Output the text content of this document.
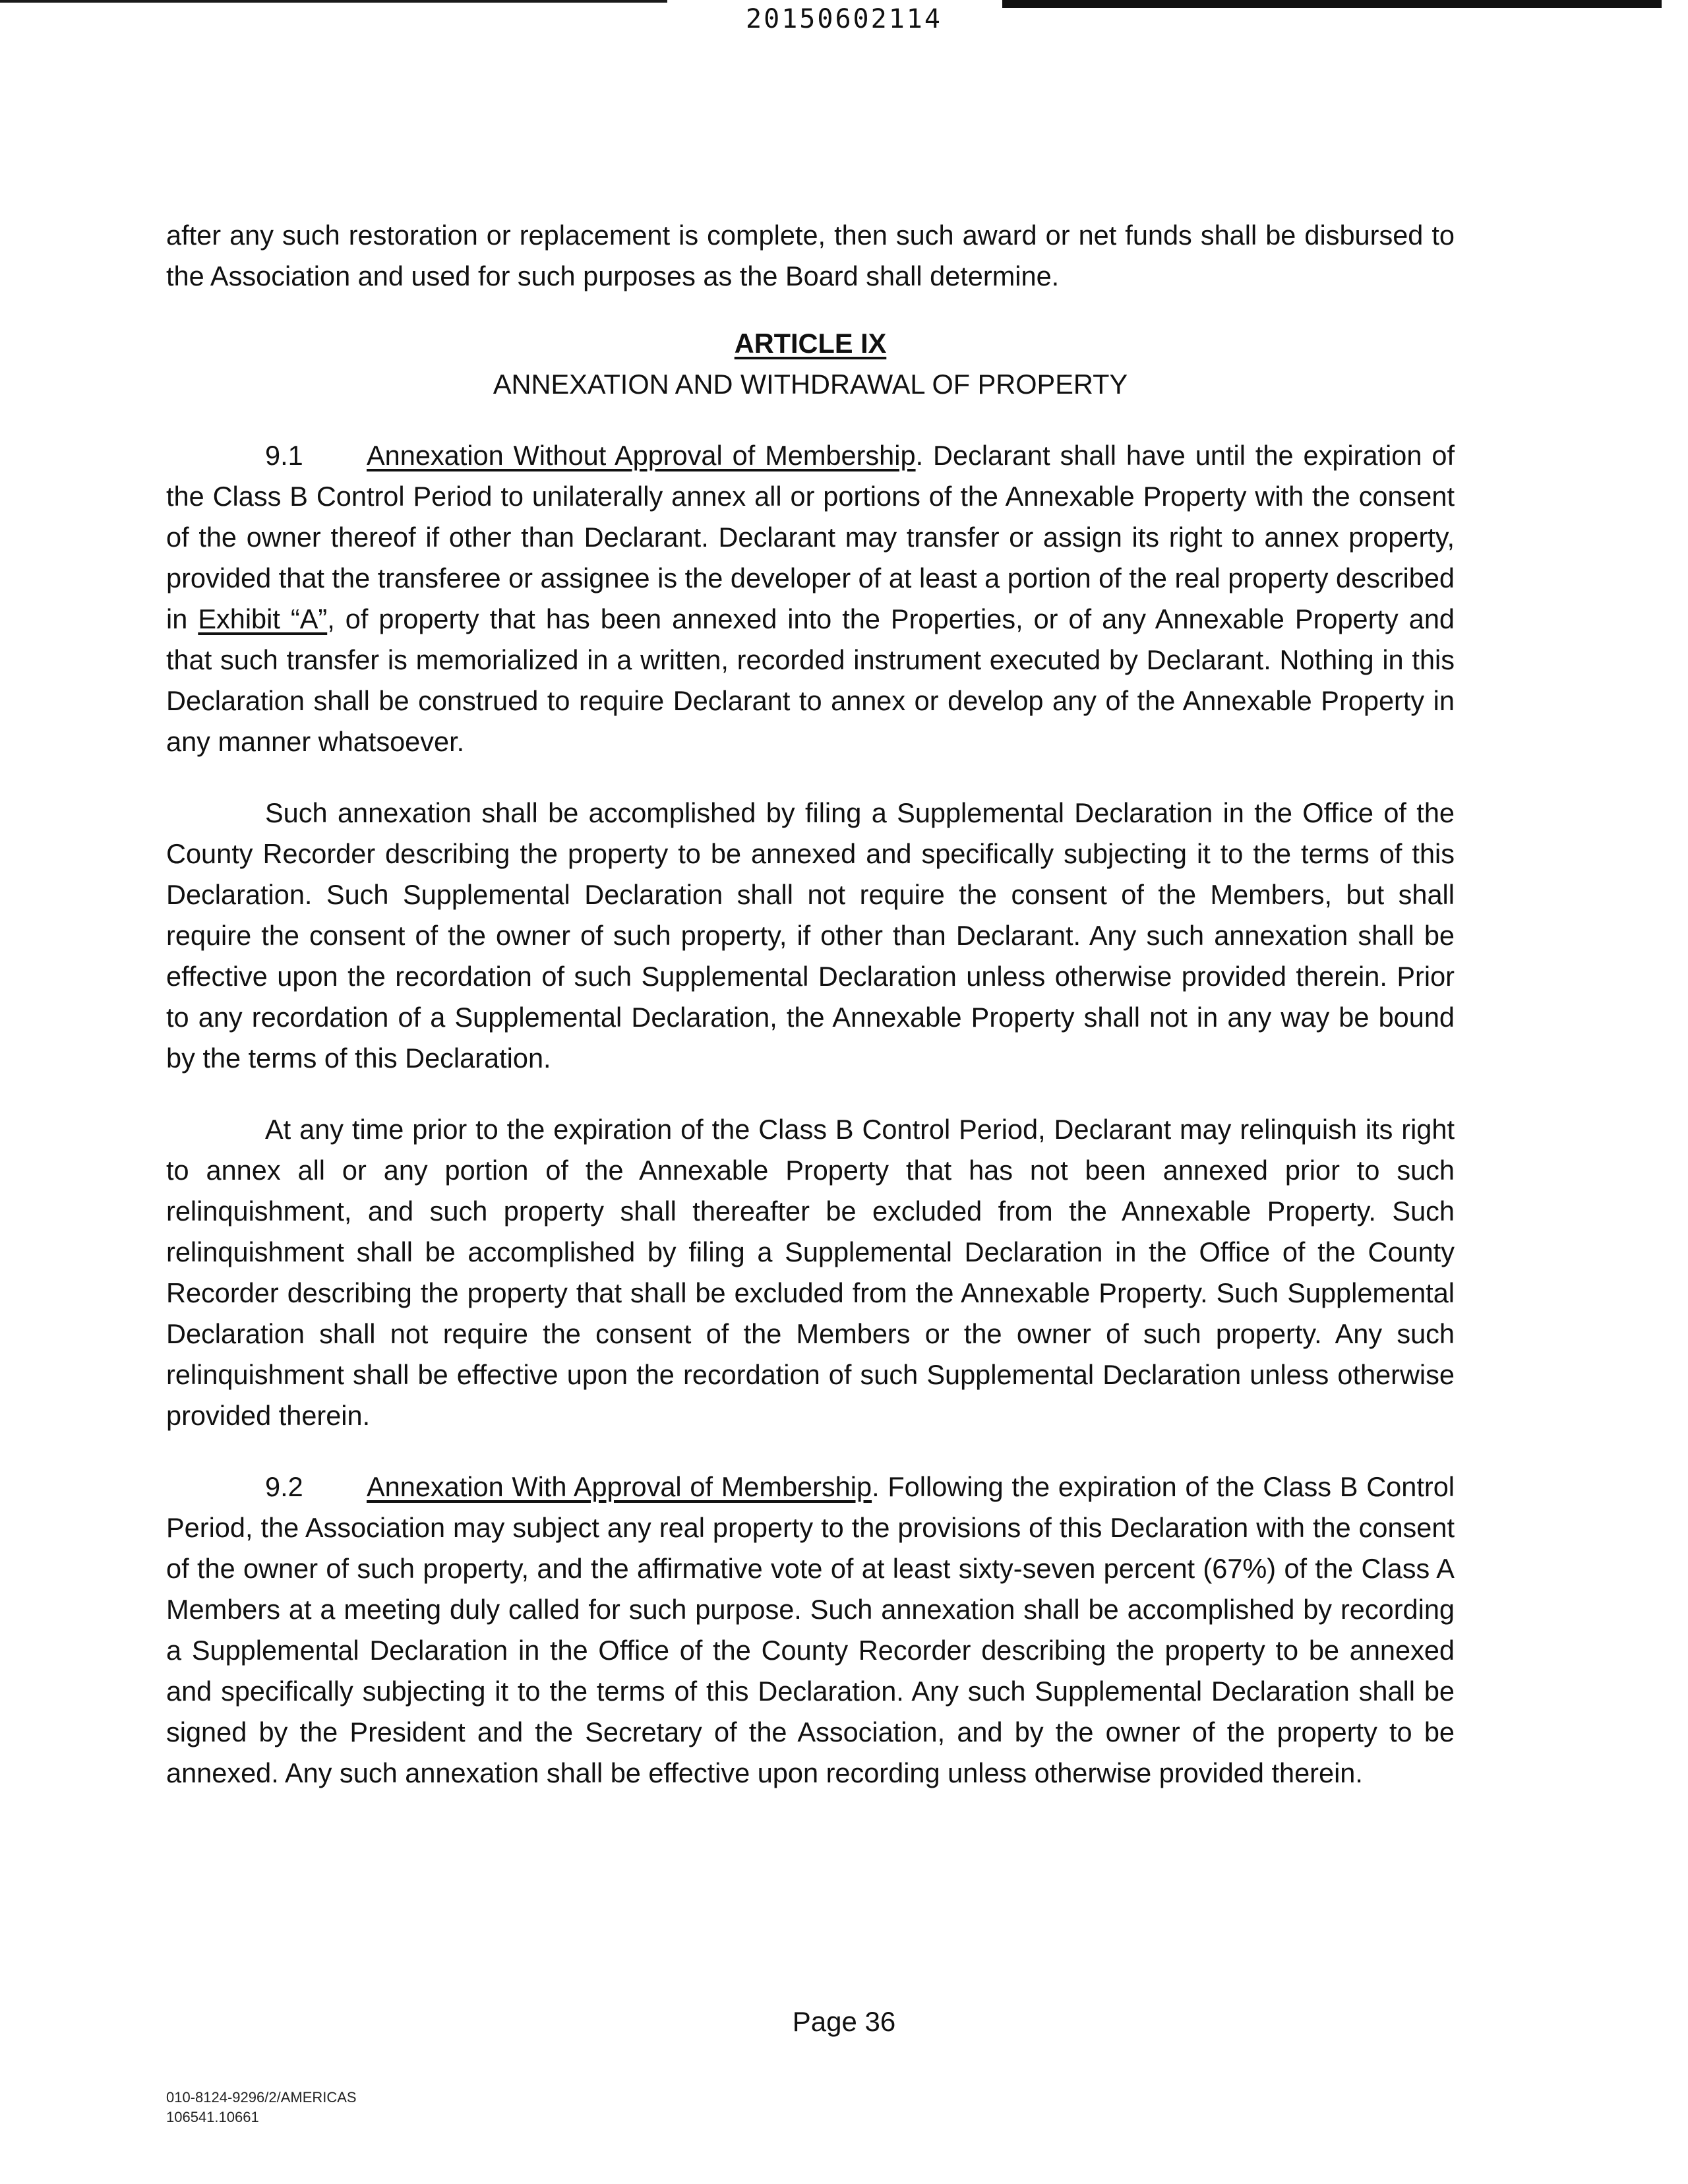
20150602114

after any such restoration or replacement is complete, then such award or net funds shall be disbursed to the Association and used for such purposes as the Board shall determine.

ARTICLE IX
ANNEXATION AND WITHDRAWAL OF PROPERTY

9.1 Annexation Without Approval of Membership. Declarant shall have until the expiration of the Class B Control Period to unilaterally annex all or portions of the Annexable Property with the consent of the owner thereof if other than Declarant. Declarant may transfer or assign its right to annex property, provided that the transferee or assignee is the developer of at least a portion of the real property described in Exhibit “A”, of property that has been annexed into the Properties, or of any Annexable Property and that such transfer is memorialized in a written, recorded instrument executed by Declarant. Nothing in this Declaration shall be construed to require Declarant to annex or develop any of the Annexable Property in any manner whatsoever.

Such annexation shall be accomplished by filing a Supplemental Declaration in the Office of the County Recorder describing the property to be annexed and specifically subjecting it to the terms of this Declaration. Such Supplemental Declaration shall not require the consent of the Members, but shall require the consent of the owner of such property, if other than Declarant. Any such annexation shall be effective upon the recordation of such Supplemental Declaration unless otherwise provided therein. Prior to any recordation of a Supplemental Declaration, the Annexable Property shall not in any way be bound by the terms of this Declaration.

At any time prior to the expiration of the Class B Control Period, Declarant may relinquish its right to annex all or any portion of the Annexable Property that has not been annexed prior to such relinquishment, and such property shall thereafter be excluded from the Annexable Property. Such relinquishment shall be accomplished by filing a Supplemental Declaration in the Office of the County Recorder describing the property that shall be excluded from the Annexable Property. Such Supplemental Declaration shall not require the consent of the Members or the owner of such property. Any such relinquishment shall be effective upon the recordation of such Supplemental Declaration unless otherwise provided therein.

9.2 Annexation With Approval of Membership. Following the expiration of the Class B Control Period, the Association may subject any real property to the provisions of this Declaration with the consent of the owner of such property, and the affirmative vote of at least sixty-seven percent (67%) of the Class A Members at a meeting duly called for such purpose. Such annexation shall be accomplished by recording a Supplemental Declaration in the Office of the County Recorder describing the property to be annexed and specifically subjecting it to the terms of this Declaration. Any such Supplemental Declaration shall be signed by the President and the Secretary of the Association, and by the owner of the property to be annexed. Any such annexation shall be effective upon recording unless otherwise provided therein.

Page 36
010-8124-9296/2/AMERICAS
106541.10661
